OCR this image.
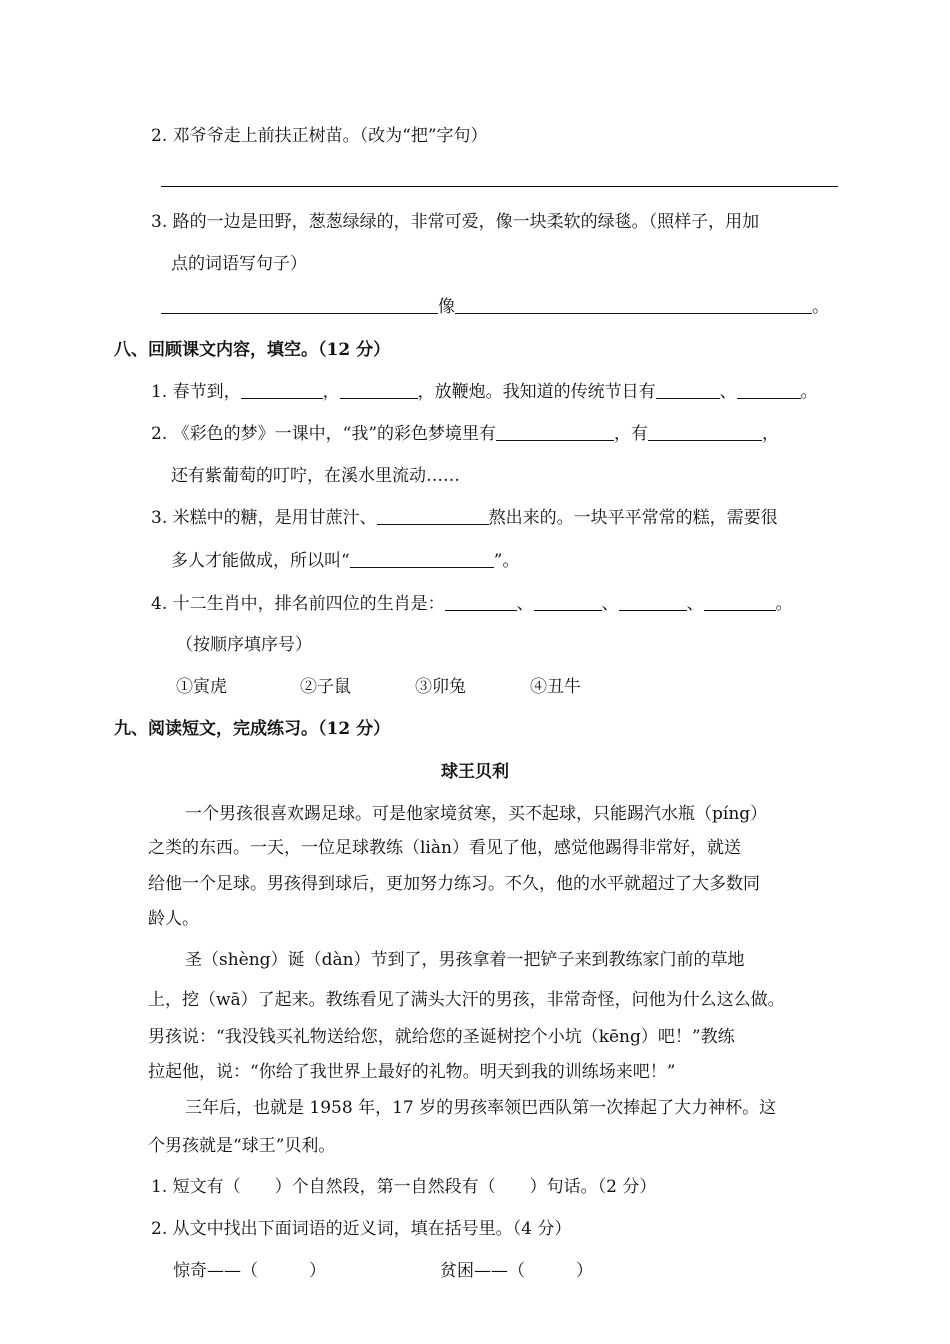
2. 邓爷爷走上前扶正树苗。（改为“把”字句）
3. 路的一边是田野，葱葱绿绿的，非常可爱，像一块柔软的绿毯。（照样子，用加
点的词语写句子）
像	。
八、回顾课文内容，填空。（12 分）
1. 春节到，	，	，放鞭炮。我知道的传统节日有	、	。
2. 《彩色的梦》一课中，“我”的彩色梦境里有	，有	，
还有紫葡萄的叮咛，在溪水里流动……
3. 米糕中的糖，是用甘蔗汁、	熬出来的。一块平平常常的糕，需要很
多人才能做成，所以叫“	”。
4. 十二生肖中，排名前四位的生肖是：	、	、	、	。
（按顺序填序号）
①寅虎	②子鼠	③卯兔	④丑牛
九、阅读短文，完成练习。（12 分）
球王贝利
一个男孩很喜欢踢足球。可是他家境贫寒，买不起球，只能踢汽水瓶（píng）
之类的东西。一天，一位足球教练（liàn）看见了他，感觉他踢得非常好，就送
给他一个足球。男孩得到球后，更加努力练习。不久，他的水平就超过了大多数同
龄人。
圣（shèng）诞（dàn）节到了，男孩拿着一把铲子来到教练家门前的草地
上，挖（wā）了起来。教练看见了满头大汗的男孩，非常奇怪，问他为什么这么做。
男孩说：“我没钱买礼物送给您，就给您的圣诞树挖个小坑（kēng）吧！”教练
拉起他，说：“你给了我世界上最好的礼物。明天到我的训练场来吧！”
三年后，也就是 1958 年，17 岁的男孩率领巴西队第一次捧起了大力神杯。这
个男孩就是“球王”贝利。
1. 短文有（　　）个自然段，第一自然段有（　　）句话。（2 分）
2. 从文中找出下面词语的近义词，填在括号里。（4 分）
惊奇——（　　　）	贫困——（　　　）
